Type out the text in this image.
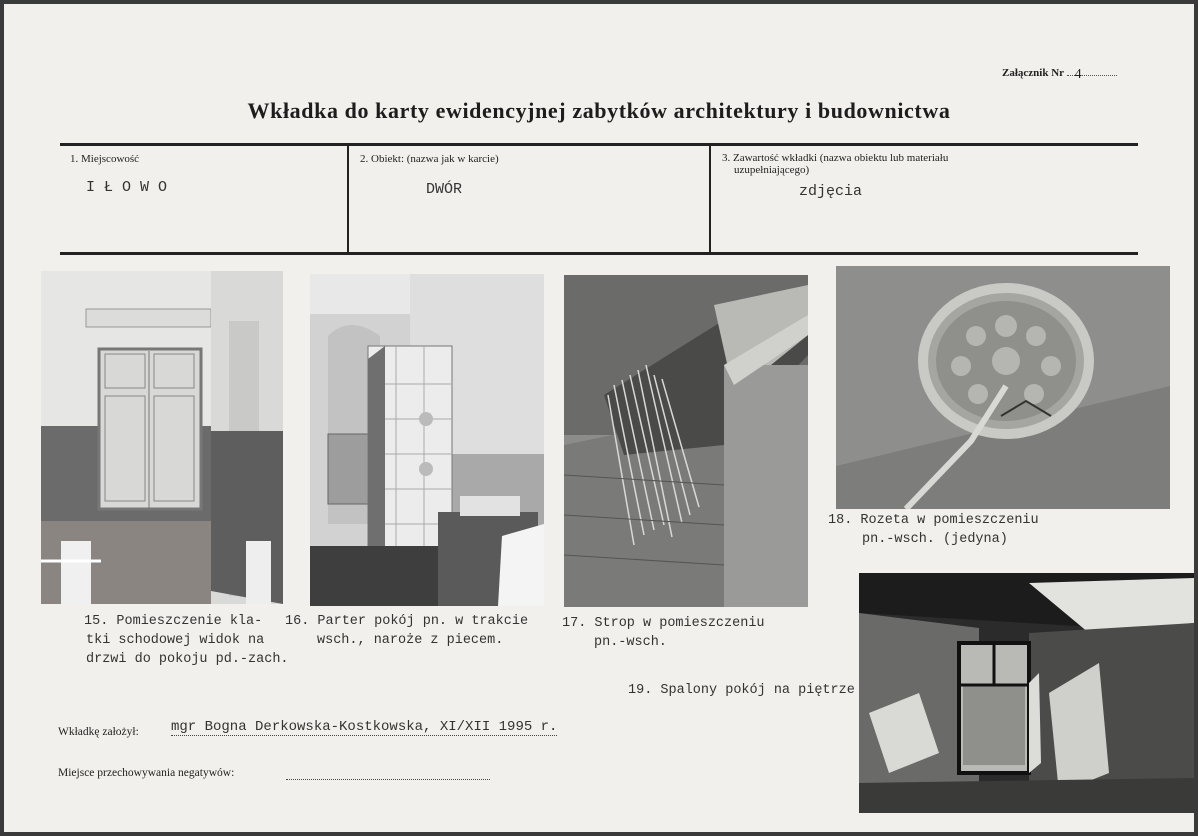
Załącznik Nr 4
Wkładka do karty ewidencyjnej zabytków architektury i budownictwa
1. Miejscowość
I Ł O W O
2. Obiekt: (nazwa jak w karcie)
DWÓR
3. Zawartość wkładki (nazwa obiektu lub materiału
uzupełniającego)
zdjęcia
15. Pomieszczenie kla-
tki schodowej widok na
drzwi do pokoju pd.-zach.
16. Parter pokój pn. w trakcie
wsch., naroże z piecem.
17. Strop w pomieszczeniu
pn.-wsch.
18. Rozeta w pomieszczeniu
pn.-wsch. (jedyna)
19. Spalony pokój na piętrze
Wkładkę założył: mgr Bogna Derkowska-Kostkowska, XI/XII 1995 r.
Miejsce przechowywania negatywów:
